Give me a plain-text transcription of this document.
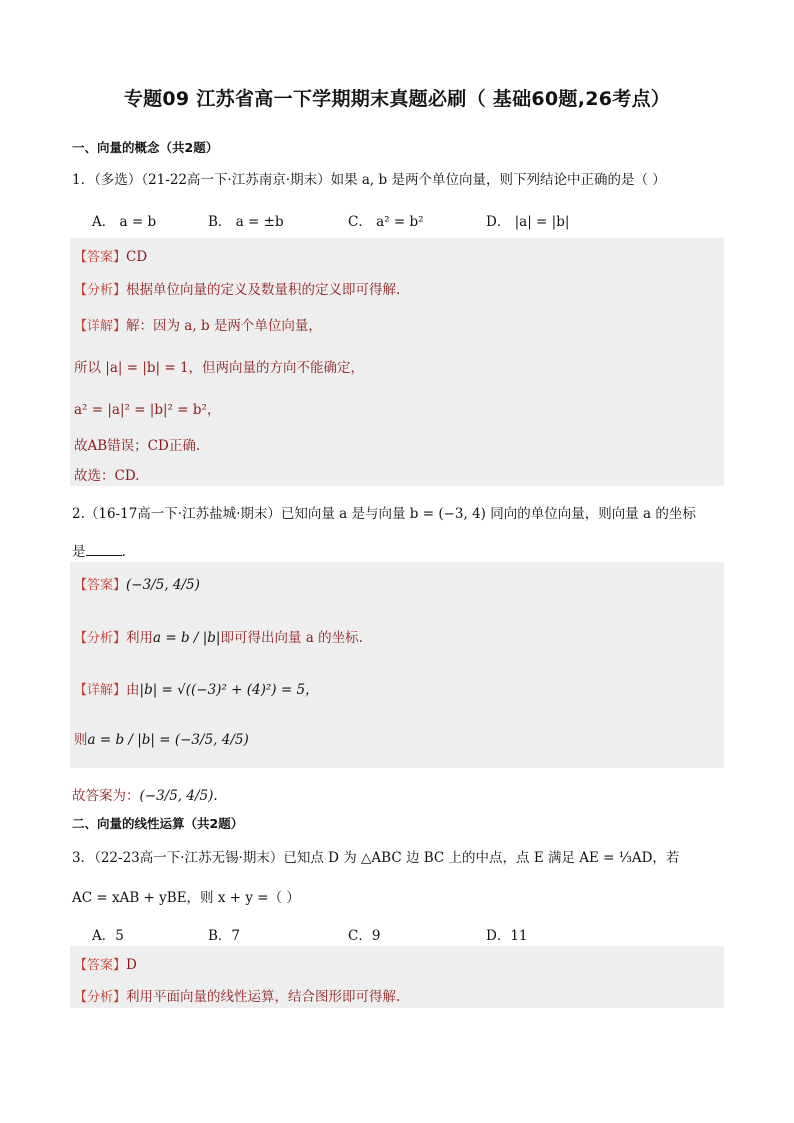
专题09 江苏省高一下学期期末真题必刷（ 基础60题,26考点）
一、向量的概念（共2题）
1．（多选）（21-22高一下·江苏南京·期末）如果 a, b 是两个单位向量，则下列结论中正确的是（ ）
A． a = b	B． a = ±b	C． a² = b²	D． |a| = |b|
【答案】CD
【分析】根据单位向量的定义及数量积的定义即可得解.
【详解】解：因为 a, b 是两个单位向量，
所以 |a| = |b| = 1，但两向量的方向不能确定，
a² = |a|² = |b|² = b²，
故AB错误；CD正确.
故选：CD.
2.（16-17高一下·江苏盐城·期末）已知向量 a 是与向量 b = (−3, 4) 同向的单位向量，则向量 a 的坐标
是	.
【答案】(−3/5, 4/5)
【分析】利用a = b / |b|即可得出向量 a 的坐标.
【详解】由|b| = √((−3)² + (4)²) = 5，
则a = b / |b| = (−3/5, 4/5)
故答案为：(−3/5, 4/5).
二、向量的线性运算（共2题）
3．（22-23高一下·江苏无锡·期末）已知点 D 为 △ABC 边 BC 上的中点，点 E 满足 AE = ⅓AD，若
AC = xAB + yBE，则 x + y =（ ）
A．5	B．7	C．9	D．11
【答案】D
【分析】利用平面向量的线性运算，结合图形即可得解.
